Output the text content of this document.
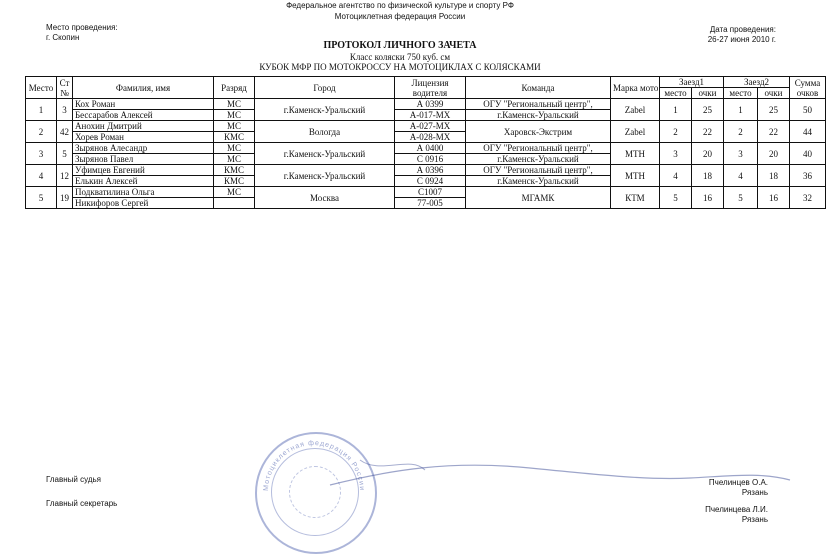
Федеральное агентство по физической культуре и спорту РФ
Мотоциклетная федерация России
Место проведения:
г. Скопин
Дата проведения:
26-27 июня 2010 г.
ПРОТОКОЛ ЛИЧНОГО ЗАЧЕТА
Класс коляски 750 куб. см
КУБОК МФР ПО МОТОКРОССУ НА МОТОЦИКЛАХ С КОЛЯСКАМИ
Место	Ст №	Фамилия, имя	Разряд	Город	Лицензия водителя	Команда	Марка мото	Заезд1		Заезд2		Сумма очков
								место	очки	место	очки	
1	3	Кох Роман	МС	г.Каменск-Уральский	А 0399	ОГУ "Региональный центр",	Zabel	1	25	1	25	50
		Бессарабов Алексей	МС		А-017-МХ	г.Каменск-Уральский						
2	42	Анохин Дмитрий	МС	Вологда	А-027-МХ	Харовск-Экстрим	Zabel	2	22	2	22	44
		Хорев Роман	КМС		А-028-МХ							
3	5	Зырянов Алесандр	МС	г.Каменск-Уральский	А 0400	ОГУ "Региональный центр",	МТН	3	20	3	20	40
		Зырянов Павел	МС		С 0916	г.Каменск-Уральский						
4	12	Уфимцев Евгений	КМС	г.Каменск-Уральский	А 0396	ОГУ "Региональный центр",	МТН	4	18	4	18	36
		Елькин Алексей	КМС		С 0924	г.Каменск-Уральский						
5	19	Подкватилина Ольга	МС	Москва	С1007	МГАМК	КТМ	5	16	5	16	32
		Никифоров Сергей			77-005							
Мотоциклетная федерация России
Главный судья
Главный секретарь
Пчелинцев О.А.
Рязань
Пчелинцева Л.И.
Рязань
